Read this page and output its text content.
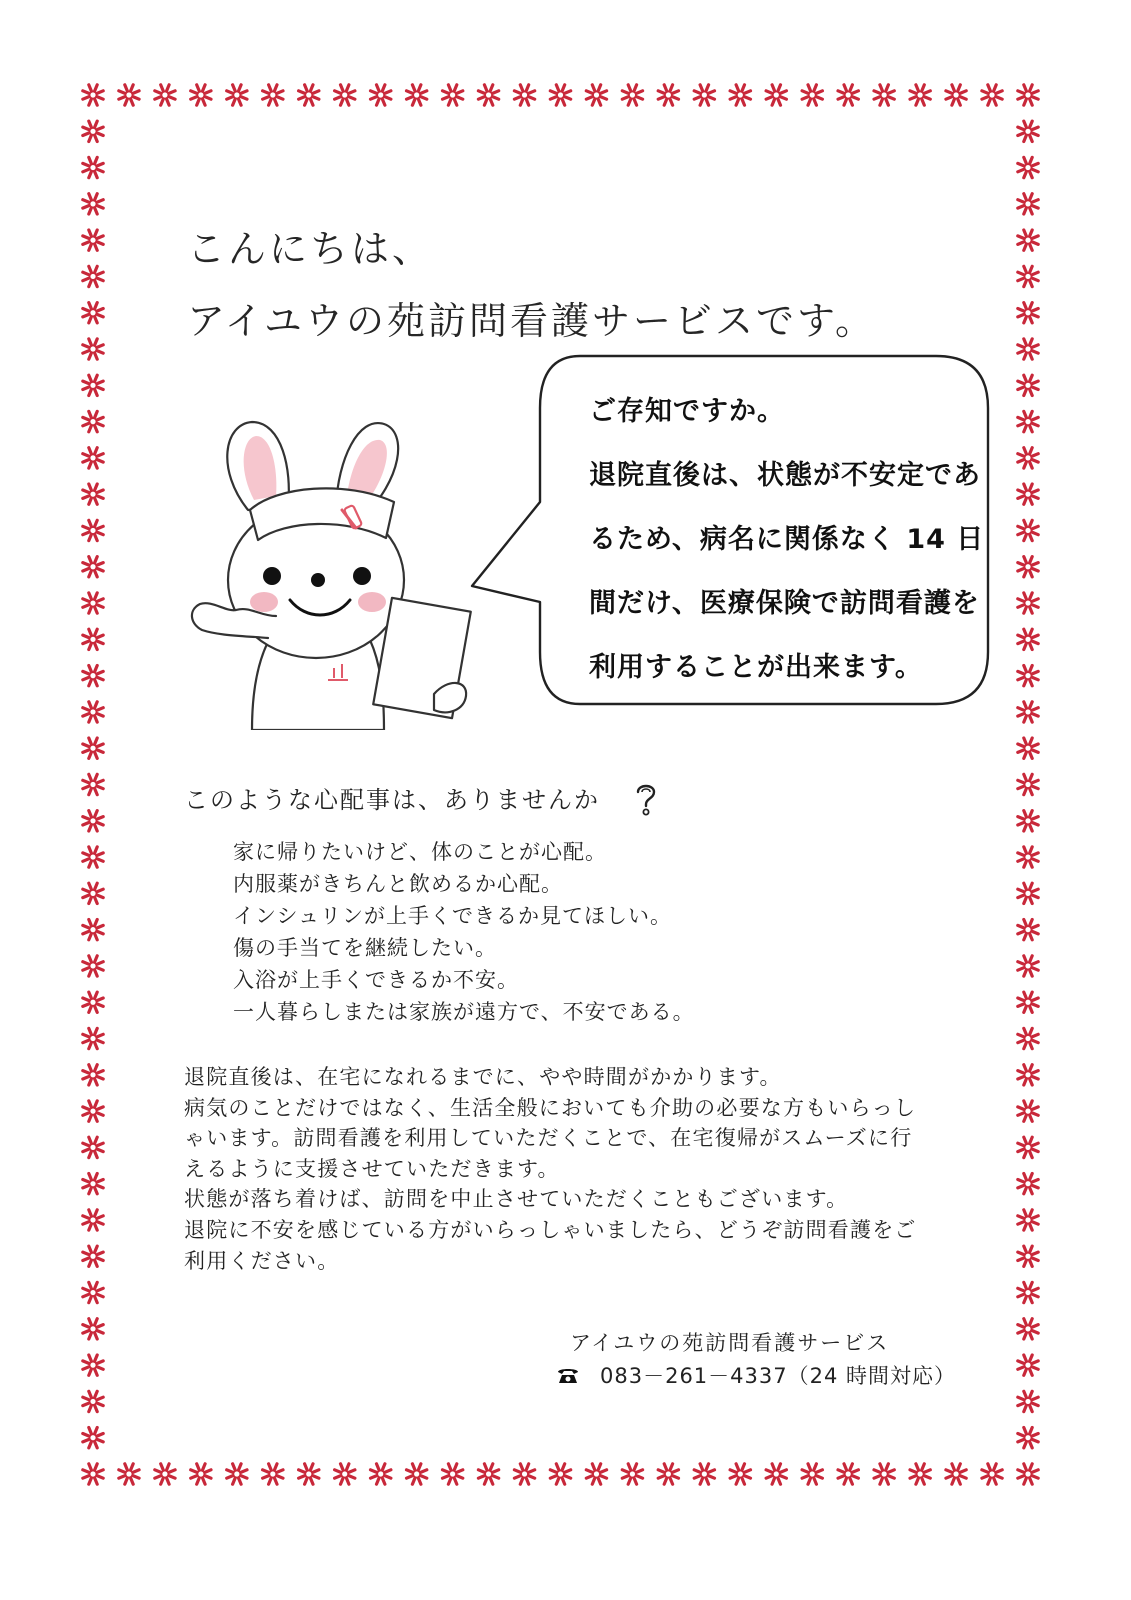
こんにちは、
アイユウの苑訪問看護サービスです。
ご存知ですか。
退院直後は、状態が不安定であ
るため、病名に関係なく 14 日
間だけ、医療保険で訪問看護を
利用することが出来ます。
このような心配事は、ありませんか
家に帰りたいけど、体のことが心配。
内服薬がきちんと飲めるか心配。
インシュリンが上手くできるか見てほしい。
傷の手当てを継続したい。
入浴が上手くできるか不安。
一人暮らしまたは家族が遠方で、不安である。
退院直後は、在宅になれるまでに、やや時間がかかります。
病気のことだけではなく、生活全般においても介助の必要な方もいらっし
ゃいます。訪問看護を利用していただくことで、在宅復帰がスムーズに行
えるように支援させていただきます。
状態が落ち着けば、訪問を中止させていただくこともございます。
退院に不安を感じている方がいらっしゃいましたら、どうぞ訪問看護をご
利用ください。
アイユウの苑訪問看護サービス
083－261－4337（24 時間対応）
